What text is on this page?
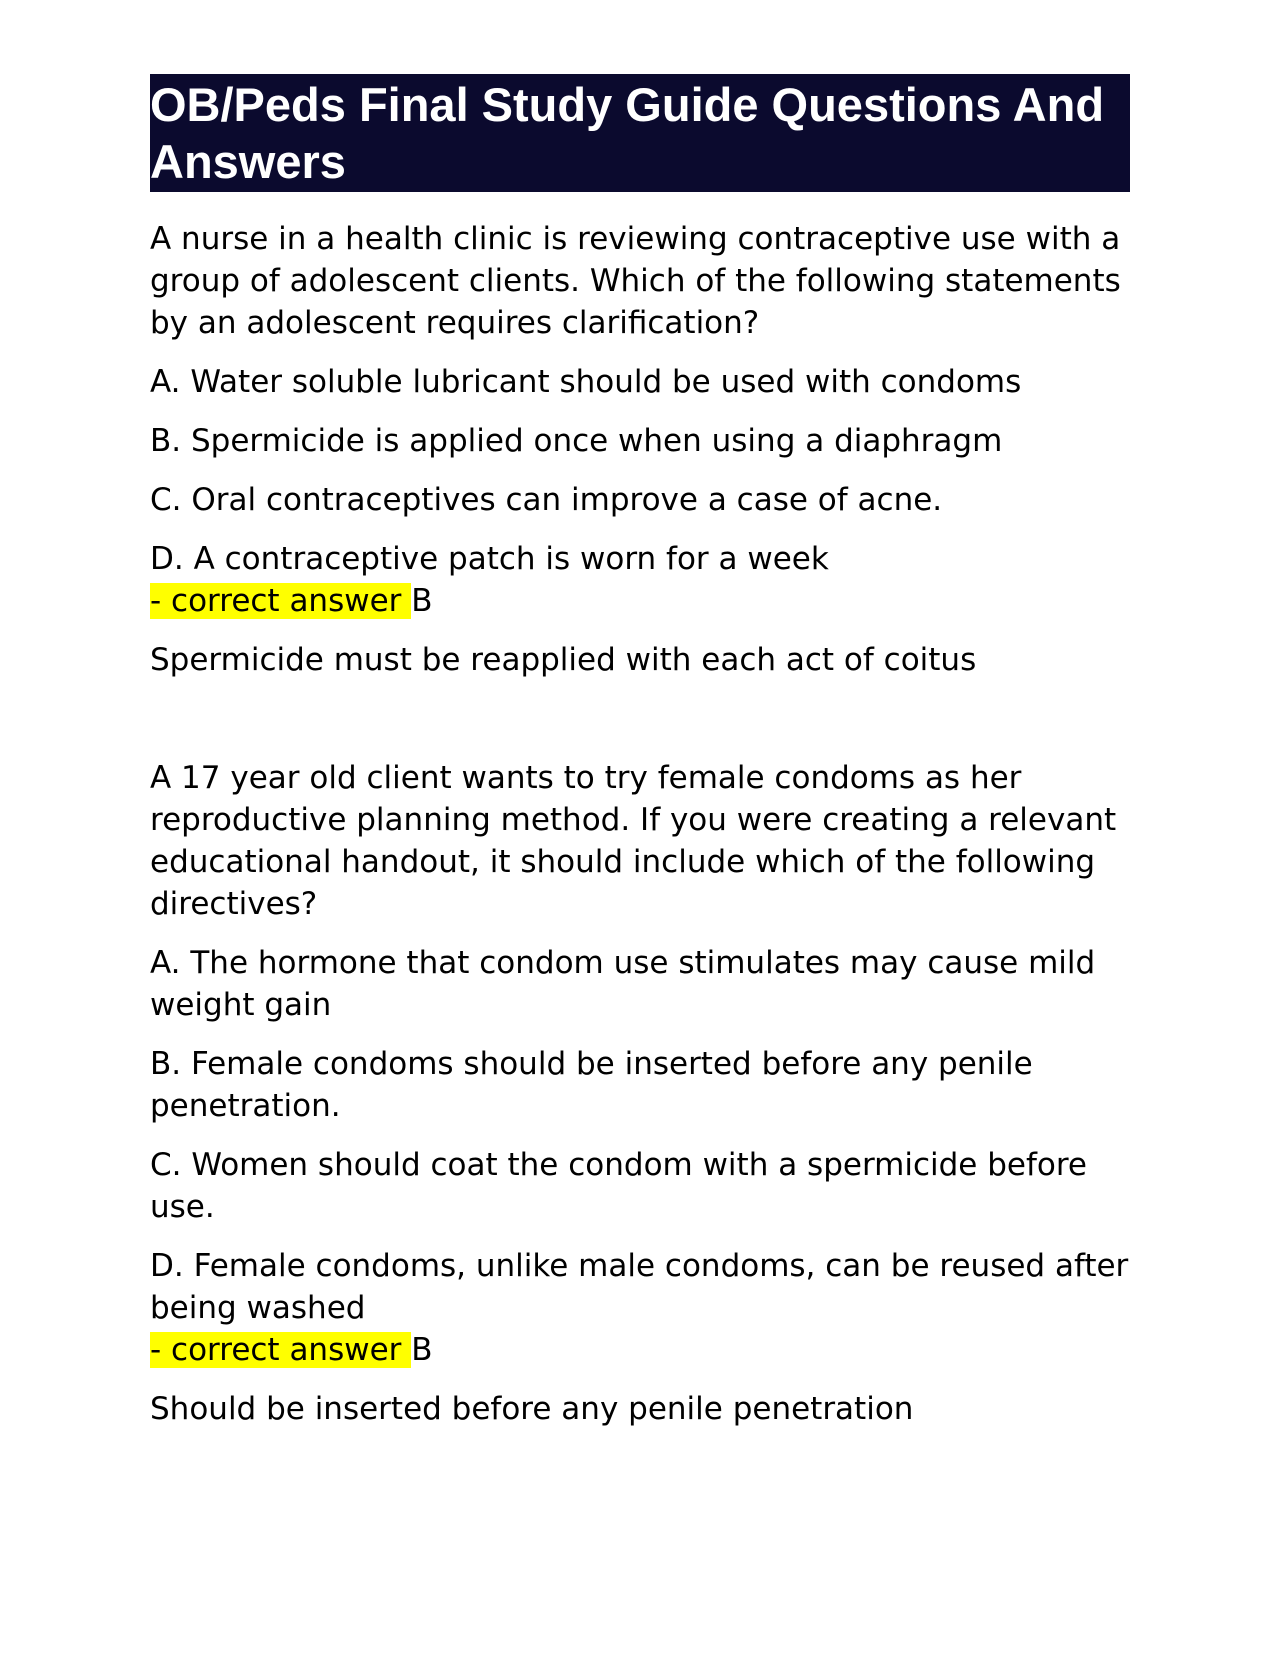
OB/Peds Final Study Guide Questions And Answers

A nurse in a health clinic is reviewing contraceptive use with a group of adolescent clients. Which of the following statements by an adolescent requires clarification?

A. Water soluble lubricant should be used with condoms

B. Spermicide is applied once when using a diaphragm

C. Oral contraceptives can improve a case of acne.

D. A contraceptive patch is worn for a week

- correct answer B

Spermicide must be reapplied with each act of coitus

A 17 year old client wants to try female condoms as her reproductive planning method. If you were creating a relevant educational handout, it should include which of the following directives?

A. The hormone that condom use stimulates may cause mild weight gain

B. Female condoms should be inserted before any penile penetration.

C. Women should coat the condom with a spermicide before use.

D. Female condoms, unlike male condoms, can be reused after being washed

- correct answer B

Should be inserted before any penile penetration
